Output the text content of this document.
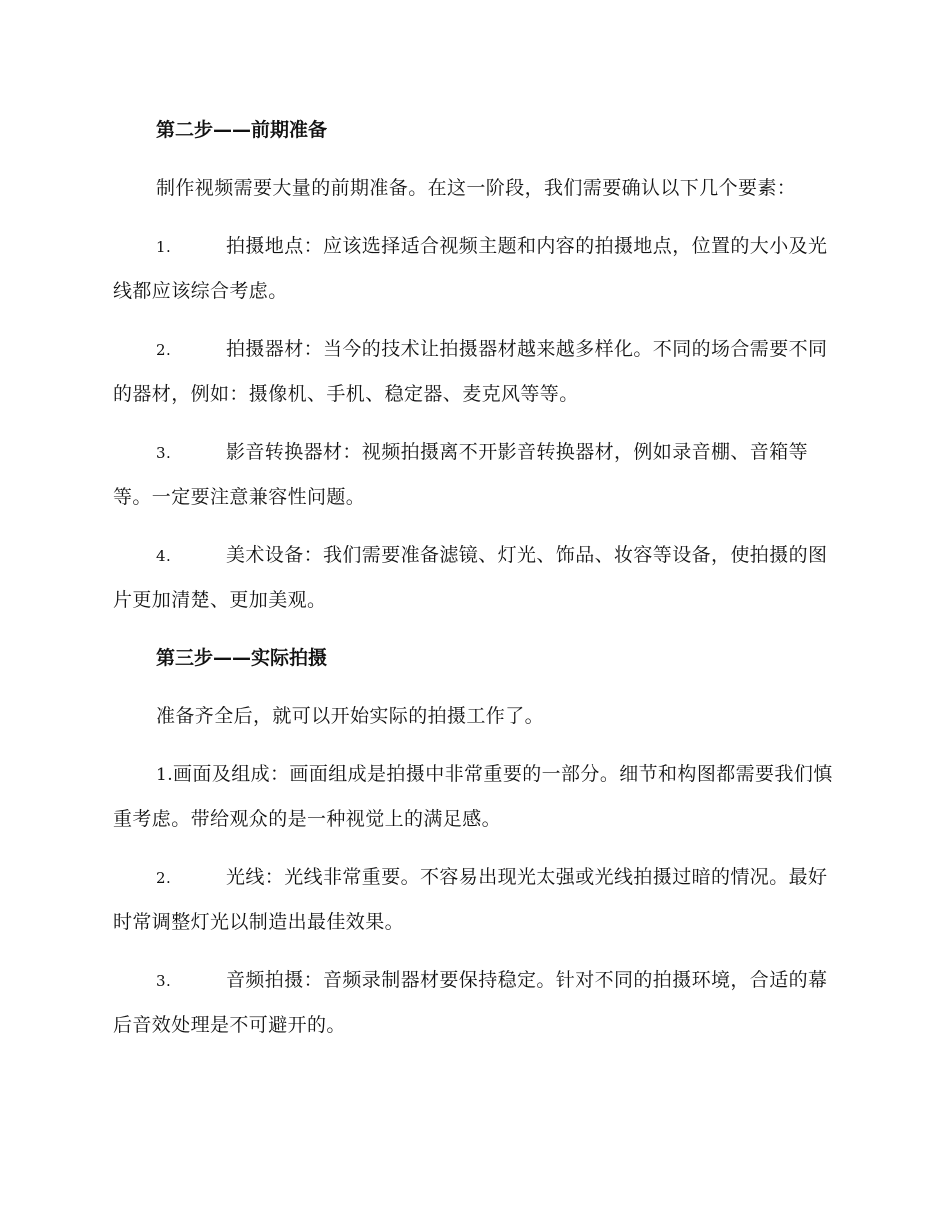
第二步——前期准备
制作视频需要大量的前期准备。在这一阶段，我们需要确认以下几个要素：
1.	拍摄地点：应该选择适合视频主题和内容的拍摄地点，位置的大小及光线都应该综合考虑。
2.	拍摄器材：当今的技术让拍摄器材越来越多样化。不同的场合需要不同的器材，例如：摄像机、手机、稳定器、麦克风等等。
3.	影音转换器材：视频拍摄离不开影音转换器材，例如录音棚、音箱等等。一定要注意兼容性问题。
4.	美术设备：我们需要准备滤镜、灯光、饰品、妆容等设备，使拍摄的图片更加清楚、更加美观。
第三步——实际拍摄
准备齐全后，就可以开始实际的拍摄工作了。
1.画面及组成：画面组成是拍摄中非常重要的一部分。细节和构图都需要我们慎重考虑。带给观众的是一种视觉上的满足感。
2.	光线：光线非常重要。不容易出现光太强或光线拍摄过暗的情况。最好时常调整灯光以制造出最佳效果。
3.	音频拍摄：音频录制器材要保持稳定。针对不同的拍摄环境，合适的幕后音效处理是不可避开的。
